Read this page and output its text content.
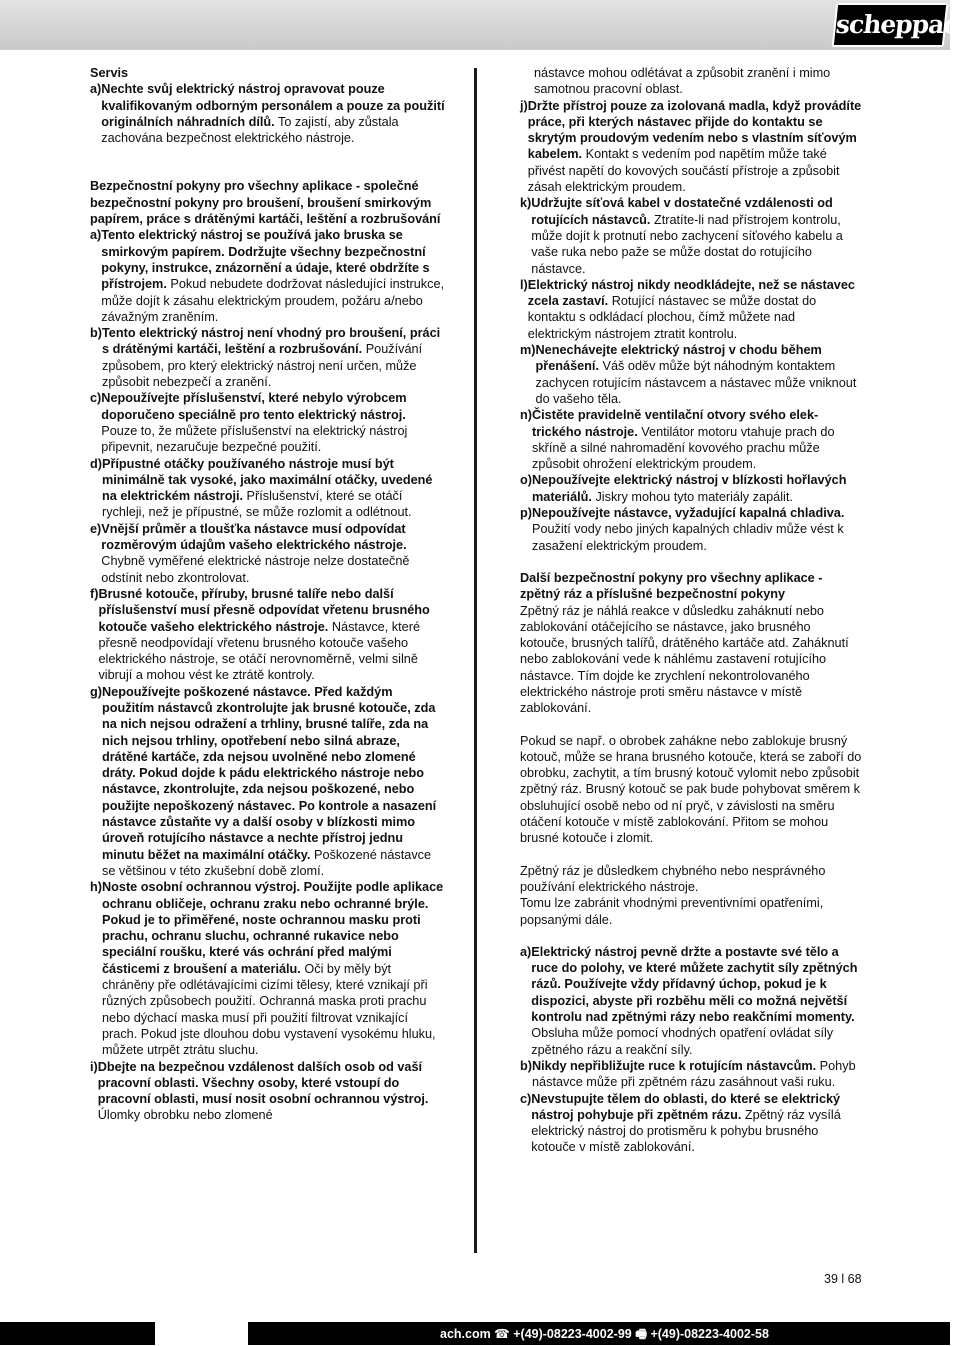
scheppach
Servis
a) Nechte svůj elektrický nástroj opravovat pouze kvalifikovaným odborným personálem a pouze za použití originálních náhradních dílů. To zajistí, aby zůstala zachována bezpečnost elektrického nástroje.
Bezpečnostní pokyny pro všechny aplikace - společné bezpečnostní pokyny pro broušení, broušení smirkovým papírem, práce s drátěnými kartáči, leštění a rozbrušování
a) Tento elektrický nástroj se používá jako bruska se smirkovým papírem. Dodržujte všechny bezpečnostní pokyny, instrukce, znázornění a údaje, které obdržíte s přístrojem. Pokud nebudete dodržovat následující instrukce, může dojít k zásahu elektrickým proudem, požáru a/nebo závažným zraněním.
b) Tento elektrický nástroj není vhodný pro broušení, práci s drátěnými kartáči, leštění a rozbrušování. Používání způsobem, pro který elektrický nástroj není určen, může způsobit nebezpečí a zranění.
c) Nepoužívejte příslušenství, které nebylo výrobcem doporučeno speciálně pro tento elektrický nástroj. Pouze to, že můžete příslušenství na elektrický nástroj připevnit, nezaručuje bezpečné použití.
d) Přípustné otáčky používaného nástroje musí být minimálně tak vysoké, jako maximální otáčky, uvedené na elektrickém nástroji. Příslušenství, které se otáčí rychleji, než je přípustné, se může rozlomit a odlétnout.
e) Vnější průměr a tloušťka nástavce musí odpovídat rozměrovým údajům vašeho elektrického nástroje. Chybně vyměřené elektrické nástroje nelze dostatečně odstínit nebo zkontrolovat.
f) Brusné kotouče, příruby, brusné talíře nebo další příslušenství musí přesně odpovídat vřetenu brusného kotouče vašeho elektrického nástroje. Nástavce, které přesně neodpovídají vřetenu brusného kotouče vašeho elektrického nástroje, se otáčí nerovnoměrně, velmi silně vibrují a mohou vést ke ztrátě kontroly.
g) Nepoužívejte poškozené nástavce. Před každým použitím nástavců zkontrolujte jak brusné kotouče, zda na nich nejsou odražení a trhliny, brusné talíře, zda na nich nejsou trhliny, opotřebení nebo silná abraze, drátěné kartáče, zda nejsou uvolněné nebo zlomené dráty. Pokud dojde k pádu elektrického nástroje nebo nástavce, zkontrolujte, zda nejsou poškozené, nebo použijte nepoškozený nástavec. Po kontrole a nasazení nástavce zůstaňte vy a další osoby v blízkosti mimo úroveň rotujícího nástavce a nechte přístroj jednu minutu běžet na maximální otáčky. Poškozené nástavce se většinou v této zkušební době zlomí.
h) Noste osobní ochrannou výstroj. Použijte podle aplikace ochranu obličeje, ochranu zraku nebo ochranné brýle. Pokud je to přiměřené, noste ochrannou masku proti prachu, ochranu sluchu, ochranné rukavice nebo speciální roušku, které vás ochrání před malými částicemi z broušení a materiálu. Oči by měly být chráněny pře odlétávajícími cizími tělesy, které vznikají při různých způsobech použití. Ochranná maska proti prachu nebo dýchací maska musí při použití filtrovat vznikající prach. Pokud jste dlouhou dobu vystavení vysokému hluku, můžete utrpět ztrátu sluchu.
i) Dbejte na bezpečnou vzdálenost dalších osob od vaší pracovní oblasti. Všechny osoby, které vstoupí do pracovní oblasti, musí nosit osobní ochrannou výstroj. Úlomky obrobku nebo zlomené
nástavce mohou odlétávat a způsobit zranění i mimo samotnou pracovní oblast.
j) Držte přístroj pouze za izolovaná madla, když provádíte práce, při kterých nástavec přijde do kontaktu se skrytým proudovým vedením nebo s vlastním síťovým kabelem. Kontakt s vedením pod napětím může také přivést napětí do kovových součástí přístroje a způsobit zásah elektrickým proudem.
k) Udržujte síťová kabel v dostatečné vzdálenosti od rotujících nástavců. Ztratíte-li nad přístrojem kontrolu, může dojít k protnutí nebo zachycení síťového kabelu a vaše ruka nebo paže se může dostat do rotujícího nástavce.
l) Elektrický nástroj nikdy neodkládejte, než se nástavec zcela zastaví. Rotující nástavec se může dostat do kontaktu s odkládací plochou, čímž můžete nad elektrickým nástrojem ztratit kontrolu.
m) Nenechávejte elektrický nástroj v chodu během přenášení. Váš oděv může být náhodným kontaktem zachycen rotujícím nástavcem a nástavec může vniknout do vašeho těla.
n) Čistěte pravidelně ventilační otvory svého elektrického nástroje. Ventilátor motoru vtahuje prach do skříně a silné nahromadění kovového prachu může způsobit ohrožení elektrickým proudem.
o) Nepoužívejte elektrický nástroj v blízkosti hořlavých materiálů. Jiskry mohou tyto materiály zapálit.
p) Nepoužívejte nástavce, vyžadující kapalná chladiva. Použití vody nebo jiných kapalných chladiv může vést k zasažení elektrickým proudem.
Další bezpečnostní pokyny pro všechny aplikace - zpětný ráz a příslušné bezpečnostní pokyny
Zpětný ráz je náhlá reakce v důsledku zaháknutí nebo zablokování otáčejícího se nástavce, jako brusného kotouče, brusných talířů, drátěného kartáče atd. Zaháknutí nebo zablokování vede k náhlému zastavení rotujícího nástavce. Tím dojde ke zrychlení nekontrolovaného elektrického nástroje proti směru nástavce v místě zablokování.
Pokud se např. o obrobek zahákne nebo zablokuje brusný kotouč, může se hrana brusného kotouče, která se zaboří do obrobku, zachytit, a tím brusný kotouč vylomit nebo způsobit zpětný ráz. Brusný kotouč se pak bude pohybovat směrem k obsluhující osobě nebo od ní pryč, v závislosti na směru otáčení kotouče v místě zablokování. Přitom se mohou brusné kotouče i zlomit.
Zpětný ráz je důsledkem chybného nebo nesprávného používání elektrického nástroje.
Tomu lze zabránit vhodnými preventivními opatřeními, popsanými dále.
a) Elektrický nástroj pevně držte a postavte své tělo a ruce do polohy, ve které můžete zachytit síly zpětných rázů. Používejte vždy přídavný úchop, pokud je k dispozici, abyste při rozběhu měli co možná největší kontrolu nad zpětnými rázy nebo reakčními momenty. Obsluha může pomocí vhodných opatření ovládat síly zpětného rázu a reakční síly.
b) Nikdy nepřibližujte ruce k rotujícím nástavcům. Pohyb nástavce může při zpětném rázu zasáhnout vaši ruku.
c) Nevstupujte tělem do oblasti, do které se elektrický nástroj pohybuje při zpětném rázu. Zpětný ráz vysílá elektrický nástroj do protisměru k pohybu brusného kotouče v místě zablokování.
39 l 68
ach.com ☎ +(49)-08223-4002-99 🖷 +(49)-08223-4002-58
